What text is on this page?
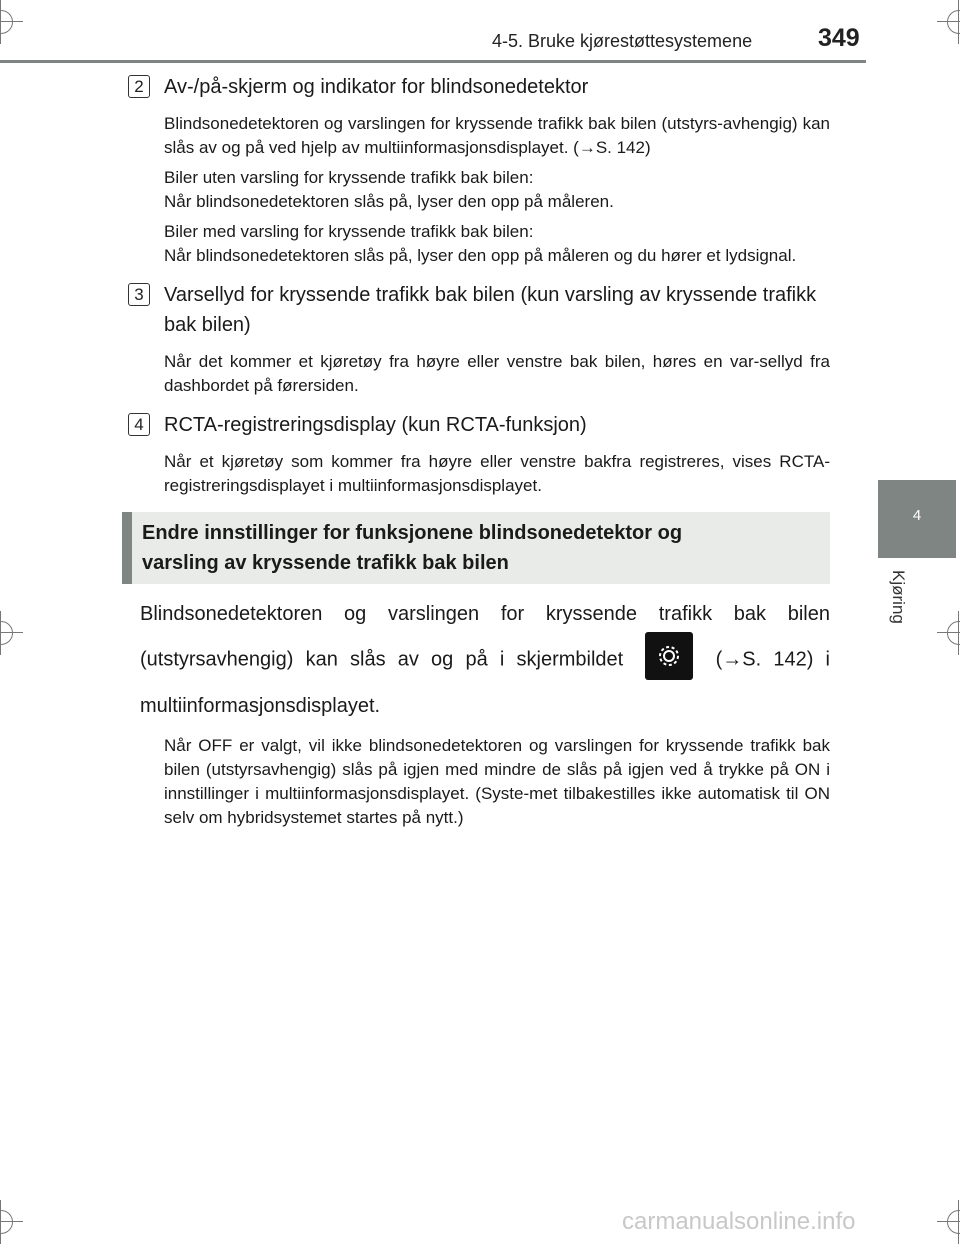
4-5. Bruke kjørestøttesystemene	349
4
Kjøring
2	Av-/på-skjerm og indikator for blindsonedetektor

Blindsonedetektoren og varslingen for kryssende trafikk bak bilen (utstyrs-avhengig) kan slås av og på ved hjelp av multiinformasjonsdisplayet. (→S. 142)

Biler uten varsling for kryssende trafikk bak bilen:
Når blindsonedetektoren slås på, lyser den opp på måleren.

Biler med varsling for kryssende trafikk bak bilen:
Når blindsonedetektoren slås på, lyser den opp på måleren og du hører et lydsignal.

3	Varsellyd for kryssende trafikk bak bilen (kun varsling av kryssende trafikk bak bilen)

Når det kommer et kjøretøy fra høyre eller venstre bak bilen, høres en var-sellyd fra dashbordet på førersiden.

4	RCTA-registreringsdisplay (kun RCTA-funksjon)

Når et kjøretøy som kommer fra høyre eller venstre bakfra registreres, vises RCTA-registreringsdisplayet i multiinformasjonsdisplayet.

Endre innstillinger for funksjonene blindsonedetektor og
varsling av kryssende trafikk bak bilen
Blindsonedetektoren og varslingen for kryssende trafikk bak bilen (utstyrsavhengig) kan slås av og på i skjermbildet	(→S. 142) i multiinformasjonsdisplayet.

Når OFF er valgt, vil ikke blindsonedetektoren og varslingen for kryssende trafikk bak bilen (utstyrsavhengig) slås på igjen med mindre de slås på igjen ved å trykke på ON i innstillinger i multiinformasjonsdisplayet. (Syste-met tilbakestilles ikke automatisk til ON selv om hybridsystemet startes på nytt.)

carmanualsonline.info
